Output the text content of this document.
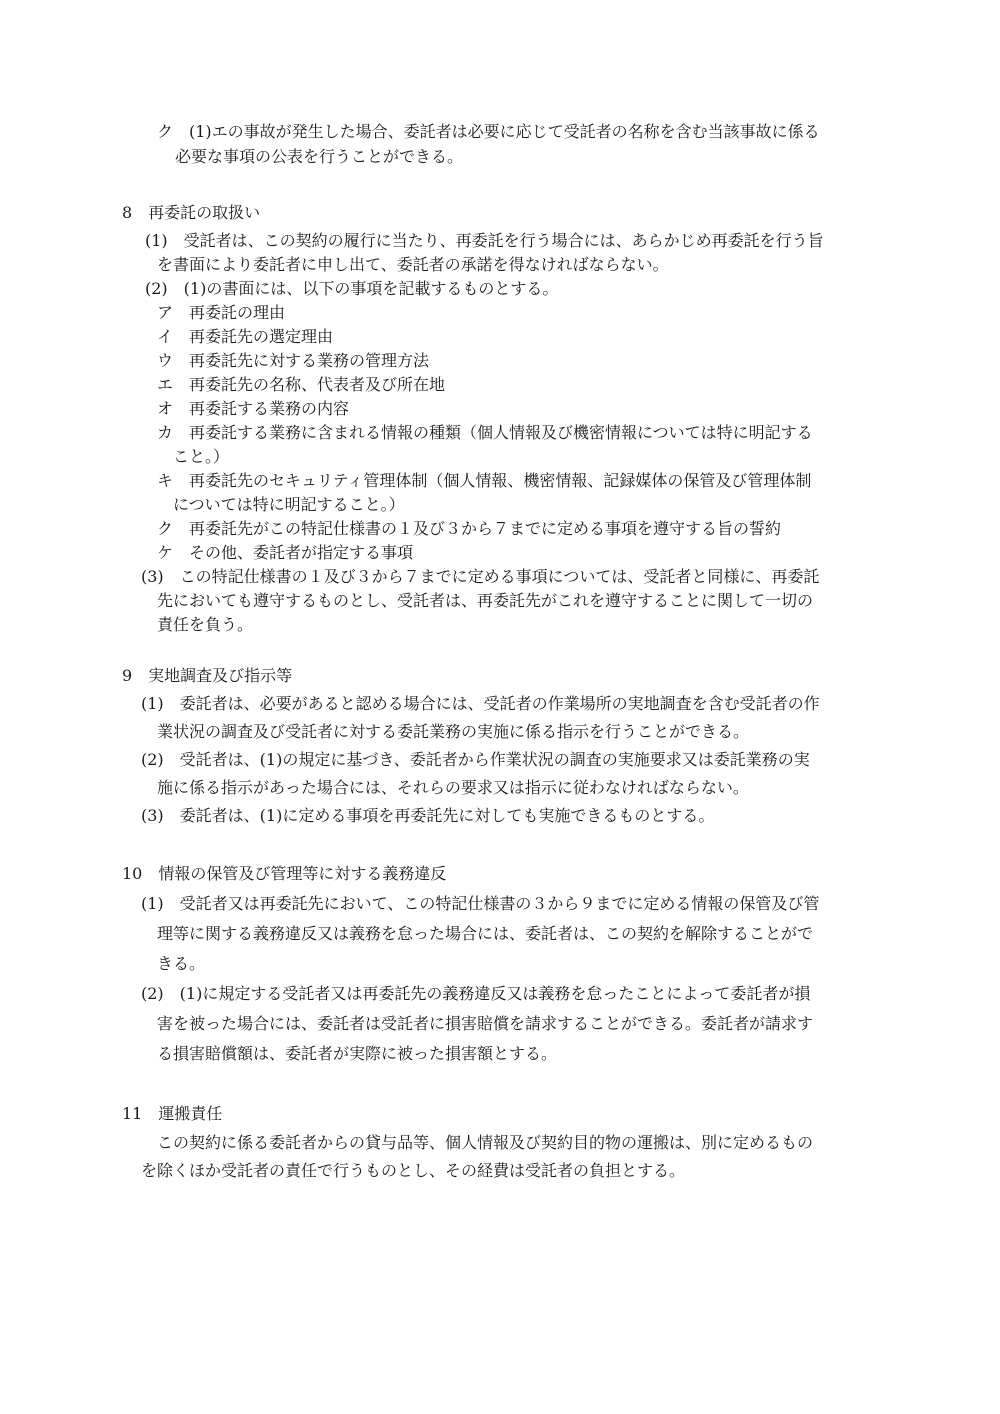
ク　(1)エの事故が発生した場合、委託者は必要に応じて受託者の名称を含む当該事故に係る

必要な事項の公表を行うことができる。

8　再委託の取扱い

(1)　受託者は、この契約の履行に当たり、再委託を行う場合には、あらかじめ再委託を行う旨

を書面により委託者に申し出て、委託者の承諾を得なければならない。

(2)　(1)の書面には、以下の事項を記載するものとする。

ア　再委託の理由

イ　再委託先の選定理由

ウ　再委託先に対する業務の管理方法

エ　再委託先の名称、代表者及び所在地

オ　再委託する業務の内容

カ　再委託する業務に含まれる情報の種類（個人情報及び機密情報については特に明記する

こと。）

キ　再委託先のセキュリティ管理体制（個人情報、機密情報、記録媒体の保管及び管理体制

については特に明記すること。）

ク　再委託先がこの特記仕様書の１及び３から７までに定める事項を遵守する旨の誓約

ケ　その他、委託者が指定する事項

(3)　この特記仕様書の１及び３から７までに定める事項については、受託者と同様に、再委託

先においても遵守するものとし、受託者は、再委託先がこれを遵守することに関して一切の

責任を負う。

9　実地調査及び指示等

(1)　委託者は、必要があると認める場合には、受託者の作業場所の実地調査を含む受託者の作

業状況の調査及び受託者に対する委託業務の実施に係る指示を行うことができる。

(2)　受託者は、(1)の規定に基づき、委託者から作業状況の調査の実施要求又は委託業務の実

施に係る指示があった場合には、それらの要求又は指示に従わなければならない。

(3)　委託者は、(1)に定める事項を再委託先に対しても実施できるものとする。

10　情報の保管及び管理等に対する義務違反

(1)　受託者又は再委託先において、この特記仕様書の３から９までに定める情報の保管及び管

理等に関する義務違反又は義務を怠った場合には、委託者は、この契約を解除することがで

きる。

(2)　(1)に規定する受託者又は再委託先の義務違反又は義務を怠ったことによって委託者が損

害を被った場合には、委託者は受託者に損害賠償を請求することができる。委託者が請求す

る損害賠償額は、委託者が実際に被った損害額とする。

11　運搬責任

この契約に係る委託者からの貸与品等、個人情報及び契約目的物の運搬は、別に定めるもの

を除くほか受託者の責任で行うものとし、その経費は受託者の負担とする。
